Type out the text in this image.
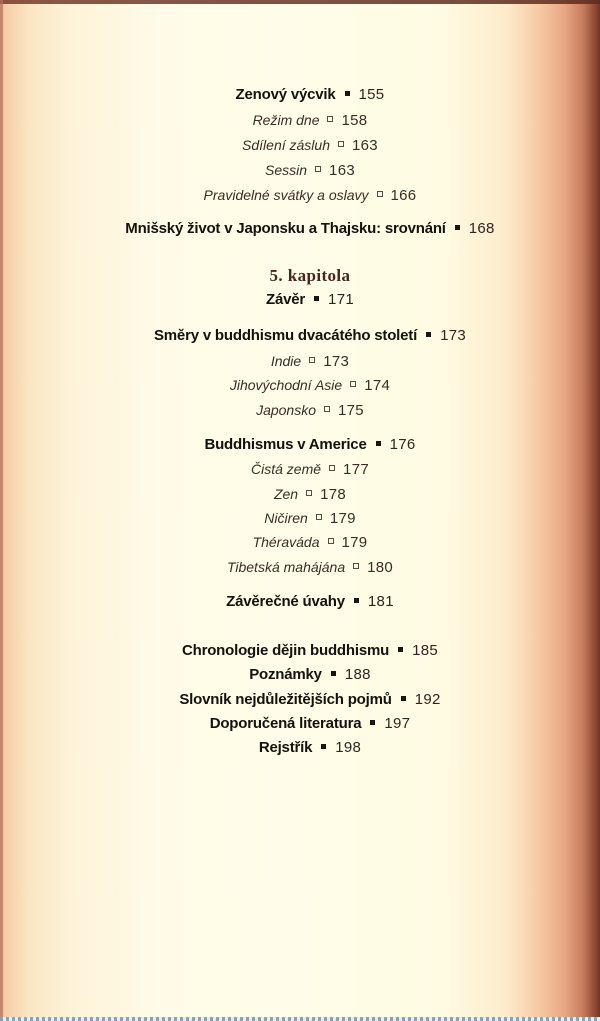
Zenový výcvik 155
Režim dne 158
Sdílení zásluh 163
Sessin 163
Pravidelné svátky a oslavy 166
Mnišský život v Japonsku a Thajsku: srovnání 168
5. kapitola
Závěr 171
Směry v buddhismu dvacátého století 173
Indie 173
Jihovýchodní Asie 174
Japonsko 175
Buddhismus v Americe 176
Čistá země 177
Zen 178
Ničiren 179
Théraváda 179
Tibetská mahájána 180
Závěrečné úvahy 181
Chronologie dějin buddhismu 185
Poznámky 188
Slovník nejdůležitějších pojmů 192
Doporučená literatura 197
Rejstřík 198
